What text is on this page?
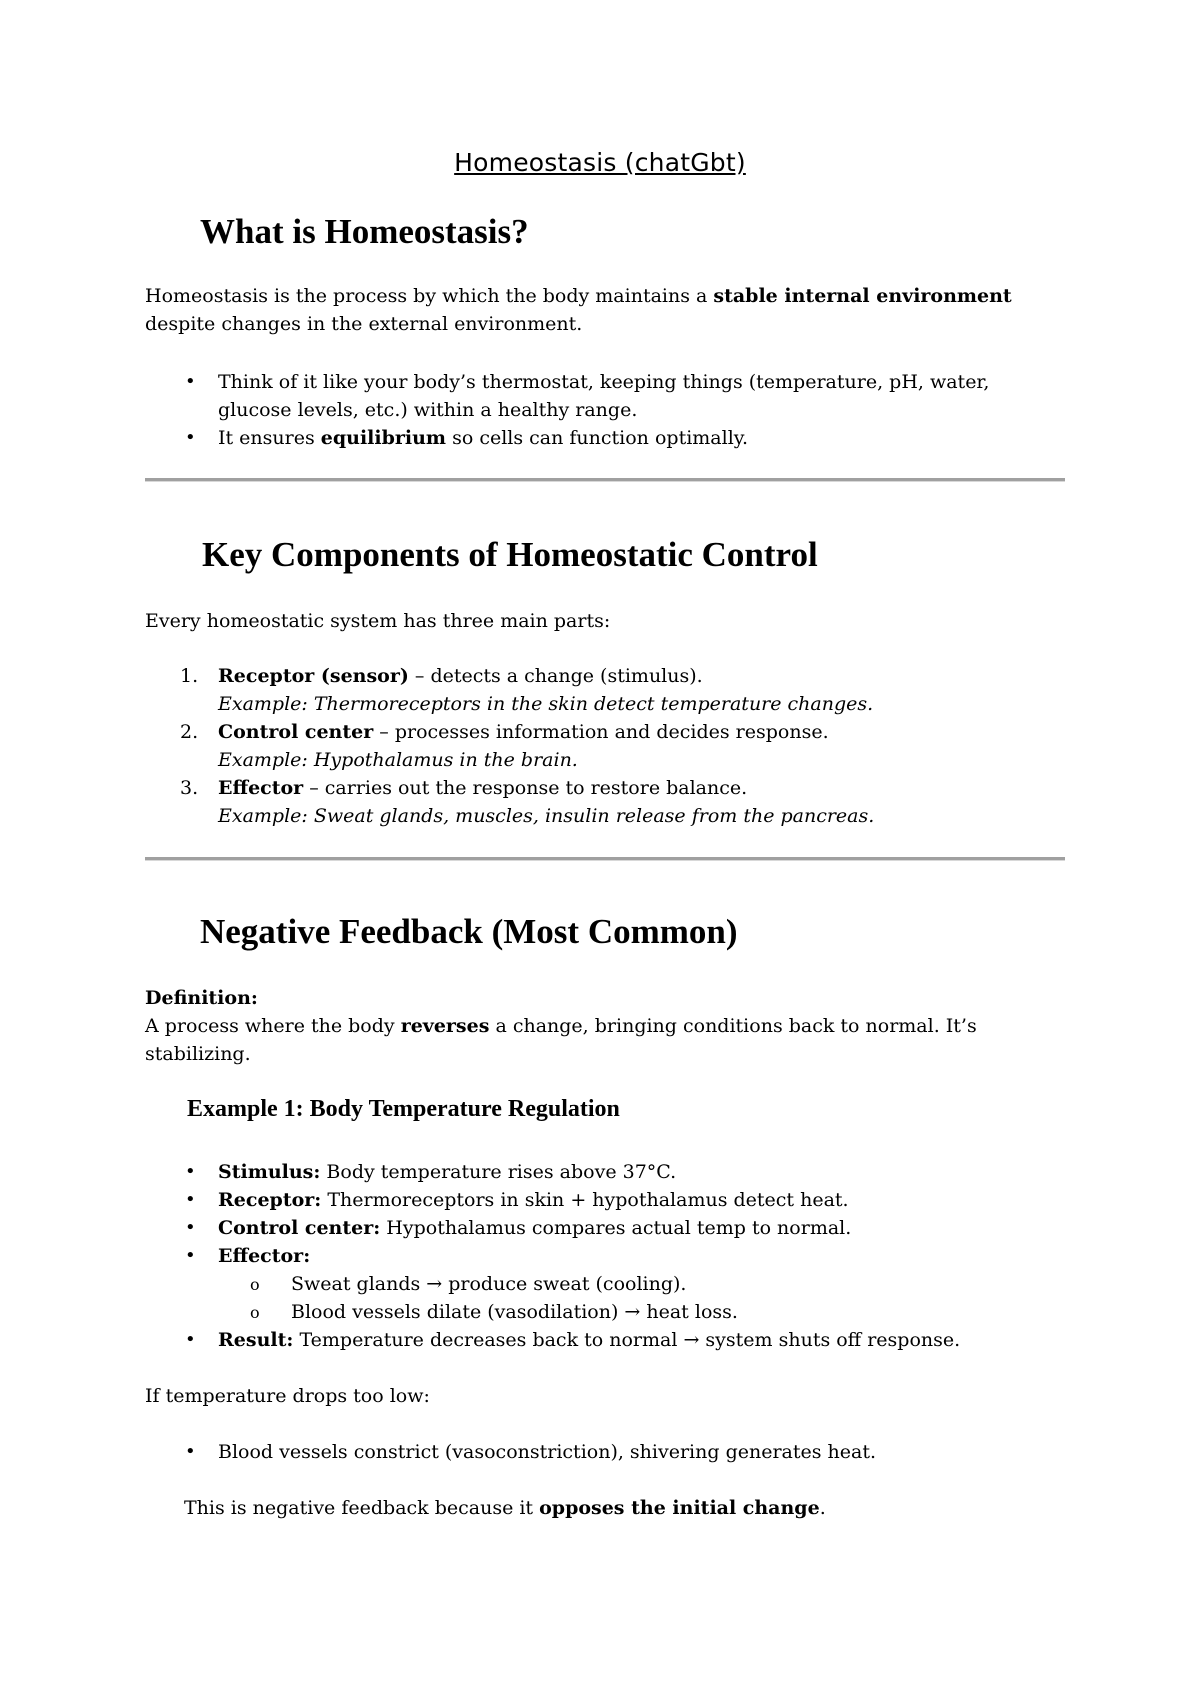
Homeostasis (chatGbt)
What is Homeostasis?

Homeostasis is the process by which the body maintains a stable internal environment

despite changes in the external environment.

• Think of it like your body’s thermostat, keeping things (temperature, pH, water,

glucose levels, etc.) within a healthy range.

• It ensures equilibrium so cells can function optimally.

Key Components of Homeostatic Control

Every homeostatic system has three main parts:

1. Receptor (sensor) – detects a change (stimulus).

Example: Thermoreceptors in the skin detect temperature changes.

2. Control center – processes information and decides response.

Example: Hypothalamus in the brain.

3. Effector – carries out the response to restore balance.

Example: Sweat glands, muscles, insulin release from the pancreas.

Negative Feedback (Most Common)

Definition:

A process where the body reverses a change, bringing conditions back to normal. It’s

stabilizing.

Example 1: Body Temperature Regulation
• Stimulus: Body temperature rises above 37°C.

• Receptor: Thermoreceptors in skin + hypothalamus detect heat.

• Control center: Hypothalamus compares actual temp to normal.

• Effector:

o Sweat glands → produce sweat (cooling).

o Blood vessels dilate (vasodilation) → heat loss.

• Result: Temperature decreases back to normal → system shuts off response.

If temperature drops too low:

• Blood vessels constrict (vasoconstriction), shivering generates heat.

This is negative feedback because it opposes the initial change.
